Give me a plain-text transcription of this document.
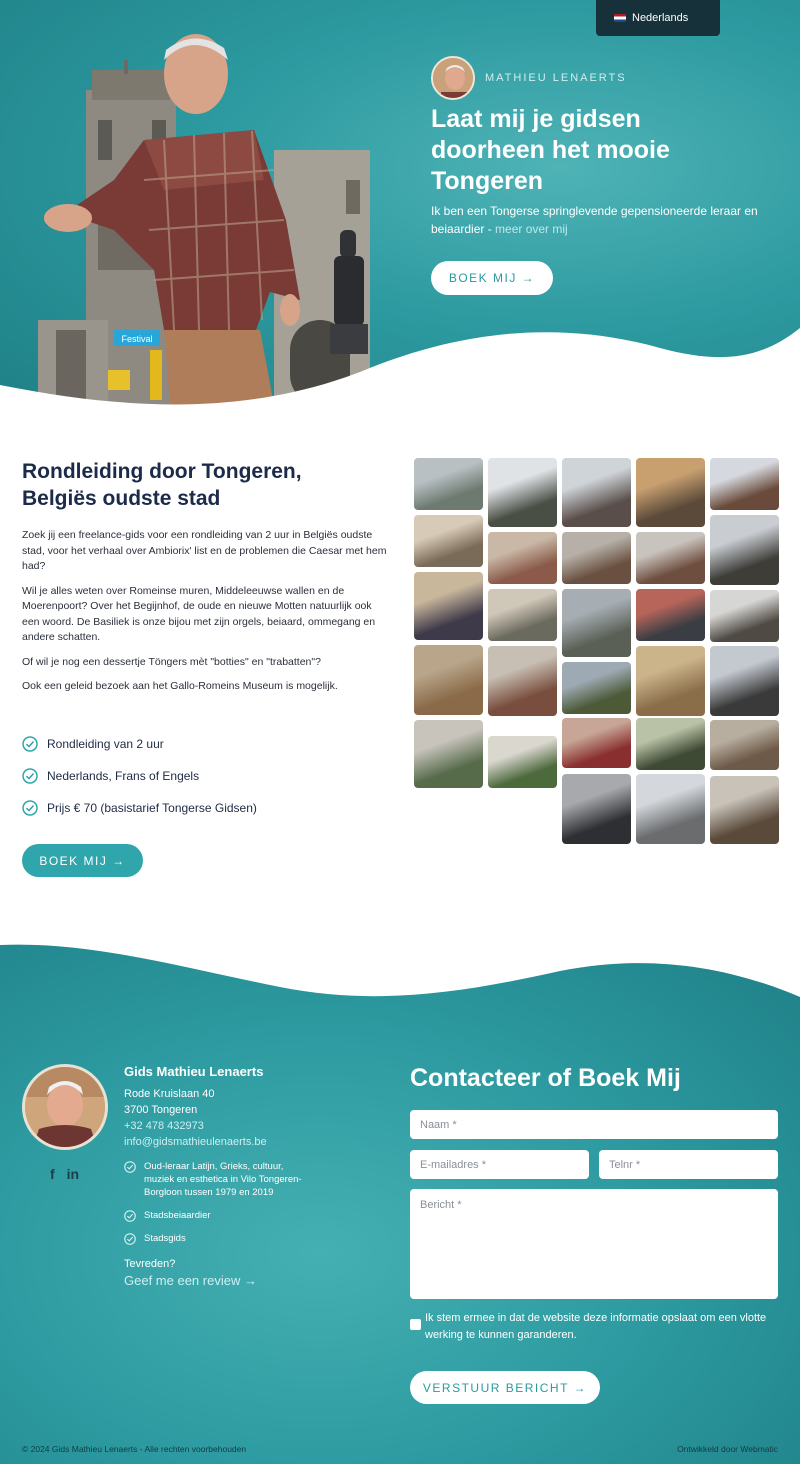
Festival
Nederlands
MATHIEU LENAERTS
Laat mij je gidsen doorheen het mooie Tongeren

Ik ben een Tongerse springlevende gepensioneerde leraar en beiaardier - meer over mij

BOEK MIJ →
Rondleiding door Tongeren, Belgiës oudste stad

Zoek jij een freelance-gids voor een rondleiding van 2 uur in Belgiës oudste stad, voor het verhaal over Ambiorix' list en de problemen die Caesar met hem had?

Wil je alles weten over Romeinse muren, Middeleeuwse wallen en de Moerenpoort? Over het Begijnhof, de oude en nieuwe Motten natuurlijk ook een woord. De Basiliek is onze bijou met zijn orgels, beiaard, ommegang en andere schatten.

Of wil je nog een dessertje Töngers mèt "botties" en "trabatten"?

Ook een geleid bezoek aan het Gallo-Romeins Museum is mogelijk.

Rondleiding van 2 uur
Nederlands, Frans of Engels
Prijs € 70 (basistarief Tongerse Gidsen)
BOEK MIJ →
f in
Gids Mathieu Lenaerts
Rode Kruislaan 40
3700 Tongeren
+32 478 432973
info@gidsmathieulenaerts.be
Oud-leraar Latijn, Grieks, cultuur, muziek en esthetica in Vilo Tongeren-Borgloon tussen 1979 en 2019
Stadsbeiaardier
Stadsgids
Tevreden?
Geef me een review →
Contacteer of Boek Mij
Naam *
E-mailadres *
Telnr *
Bericht *
Ik stem ermee in dat de website deze informatie opslaat om een vlotte werking te kunnen garanderen.
VERSTUUR BERICHT →
© 2024 Gids Mathieu Lenaerts - Alle rechten voorbehouden	Ontwikkeld door Webmatic
